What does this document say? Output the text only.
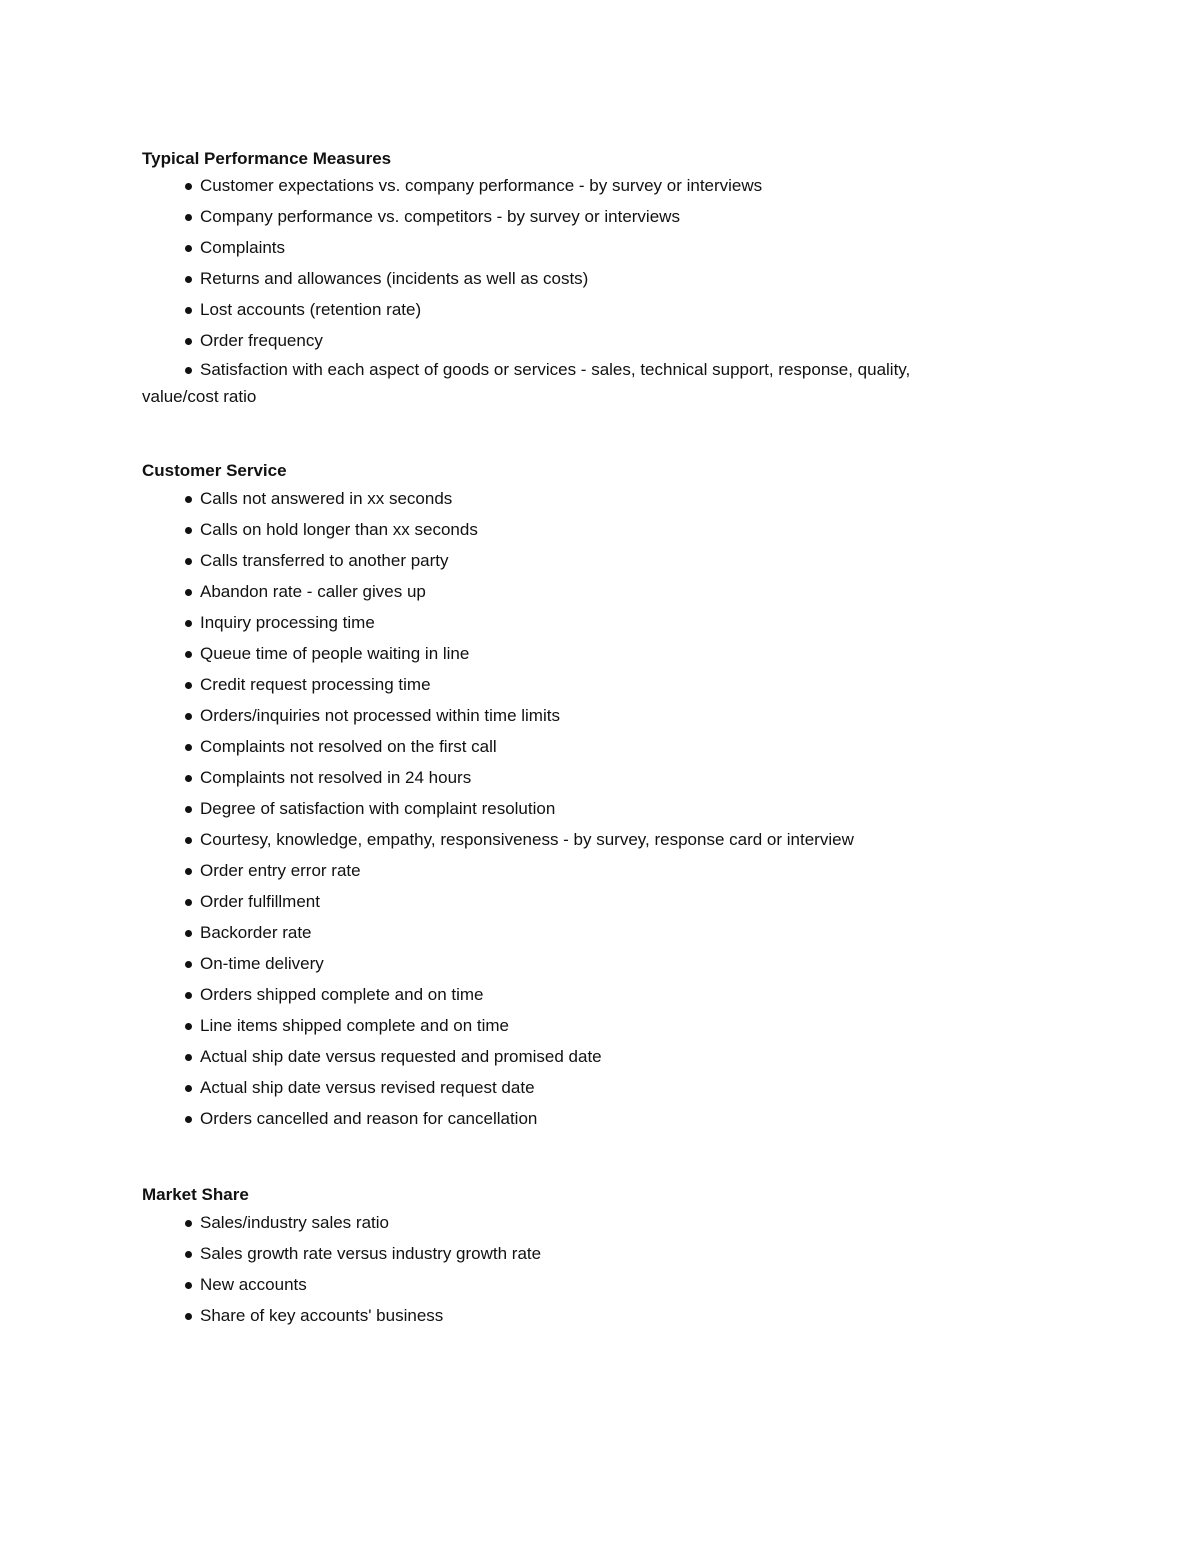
Typical Performance Measures
Customer expectations vs. company performance - by survey or interviews
Company performance vs. competitors - by survey or interviews
Complaints
Returns and allowances (incidents as well as costs)
Lost accounts (retention rate)
Order frequency
Satisfaction with each aspect of goods or services - sales, technical support, response, quality, value/cost ratio
Customer Service
Calls not answered in xx seconds
Calls on hold longer than xx seconds
Calls transferred to another party
Abandon rate - caller gives up
Inquiry processing time
Queue time of people waiting in line
Credit request processing time
Orders/inquiries not processed within time limits
Complaints not resolved on the first call
Complaints not resolved in 24 hours
Degree of satisfaction with complaint resolution
Courtesy, knowledge, empathy, responsiveness - by survey, response card or interview
Order entry error rate
Order fulfillment
Backorder rate
On-time delivery
Orders shipped complete and on time
Line items shipped complete and on time
Actual ship date versus requested and promised date
Actual ship date versus revised request date
Orders cancelled and reason for cancellation
Market Share
Sales/industry sales ratio
Sales growth rate versus industry growth rate
New accounts
Share of key accounts' business
